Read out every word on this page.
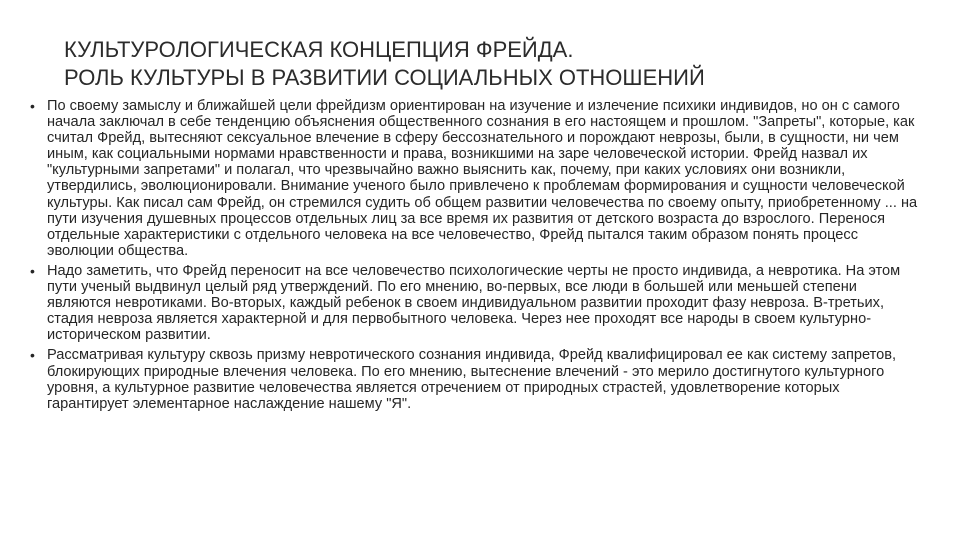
КУЛЬТУРОЛОГИЧЕСКАЯ КОНЦЕПЦИЯ ФРЕЙДА.
РОЛЬ КУЛЬТУРЫ В РАЗВИТИИ СОЦИАЛЬНЫХ ОТНОШЕНИЙ
• По своему замыслу и ближайшей цели фрейдизм ориентирован на изучение и излечение психики индивидов, но он с самого начала заключал в себе тенденцию объяснения общественного сознания в его настоящем и прошлом. "Запреты", которые, как считал Фрейд, вытесняют сексуальное влечение в сферу бессознательного и порождают неврозы, были, в сущности, ни чем иным, как социальными нормами нравственности и права, возникшими на заре человеческой истории. Фрейд назвал их "культурными запретами" и полагал, что чрезвычайно важно выяснить как, почему, при каких условиях они возникли, утвердились, эволюционировали. Внимание ученого было привлечено к проблемам формирования и сущности человеческой культуры. Как писал сам Фрейд, он стремился судить об общем развитии человечества по своему опыту, приобретенному ... на пути изучения душевных процессов отдельных лиц за все время их развития от детского возраста до взрослого. Перенося отдельные характеристики с отдельного человека на все человечество, Фрейд пытался таким образом понять процесс эволюции общества.
• Надо заметить, что Фрейд переносит на все человечество психологические черты не просто индивида, а невротика. На этом пути ученый выдвинул целый ряд утверждений. По его мнению, во-первых, все люди в большей или меньшей степени являются невротиками. Во-вторых, каждый ребенок в своем индивидуальном развитии проходит фазу невроза. В-третьих, стадия невроза является характерной и для первобытного человека. Через нее проходят все народы в своем культурно-историческом развитии.
• Рассматривая культуру сквозь призму невротического сознания индивида, Фрейд квалифицировал ее как систему запретов, блокирующих природные влечения человека. По его мнению, вытеснение влечений - это мерило достигнутого культурного уровня, а культурное развитие человечества является отречением от природных страстей, удовлетворение которых гарантирует элементарное наслаждение нашему "Я".
